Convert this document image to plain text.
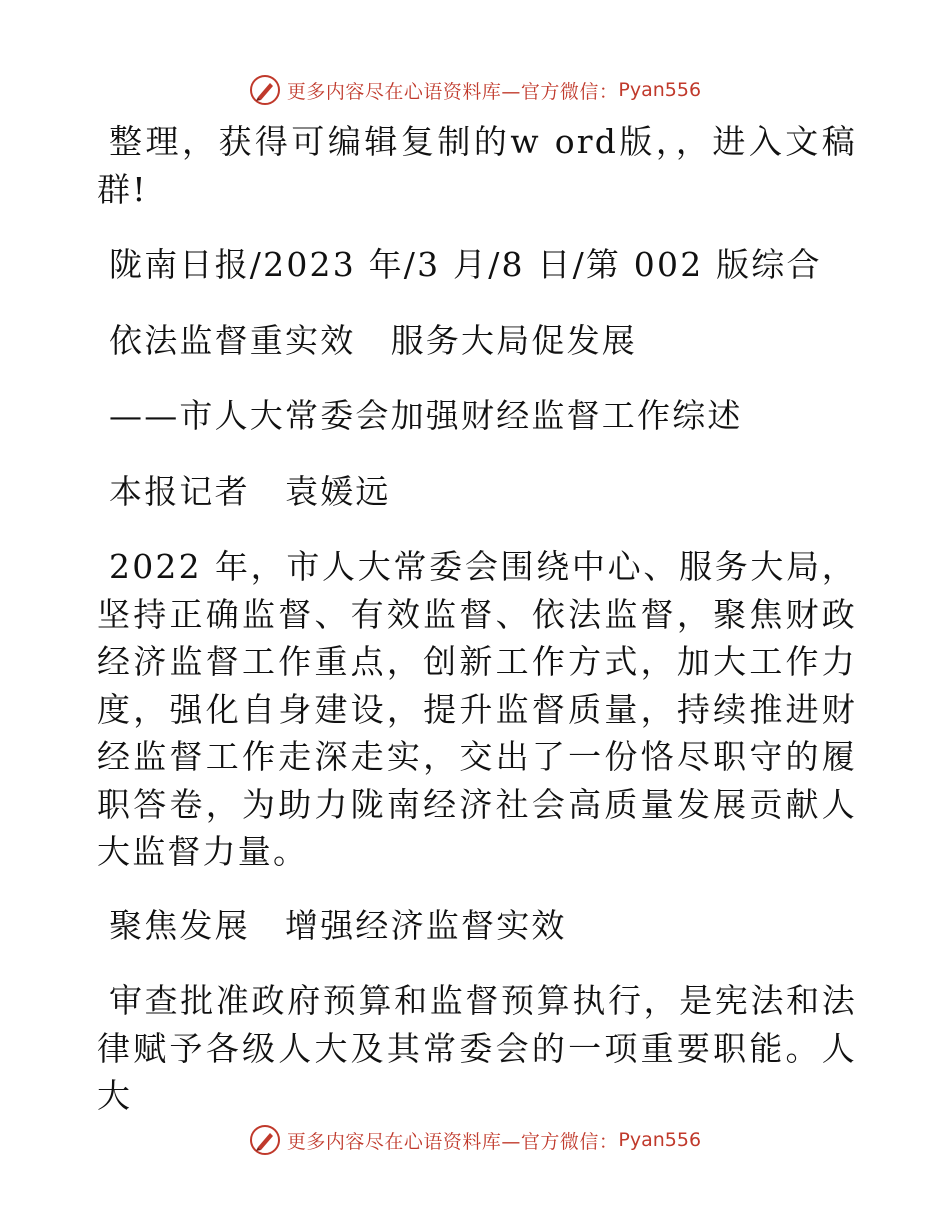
更多内容尽在心语资料库—官方微信： Pyan556

整理，获得可编辑复制的w ord版，，进入文稿群!

陇南日报/2023 年/3 月/8 日/第 002 版综合

依法监督重实效　服务大局促发展

——市人大常委会加强财经监督工作综述

本报记者　袁媛远

2022 年，市人大常委会围绕中心、服务大局，坚持正确监督、有效监督、依法监督，聚焦财政经济监督工作重点，创新工作方式，加大工作力度，强化自身建设，提升监督质量，持续推进财经监督工作走深走实，交出了一份恪尽职守的履职答卷，为助力陇南经济社会高质量发展贡献人大监督力量。

聚焦发展　增强经济监督实效

审查批准政府预算和监督预算执行，是宪法和法律赋予各级人大及其常委会的一项重要职能。人大

更多内容尽在心语资料库—官方微信： Pyan556
